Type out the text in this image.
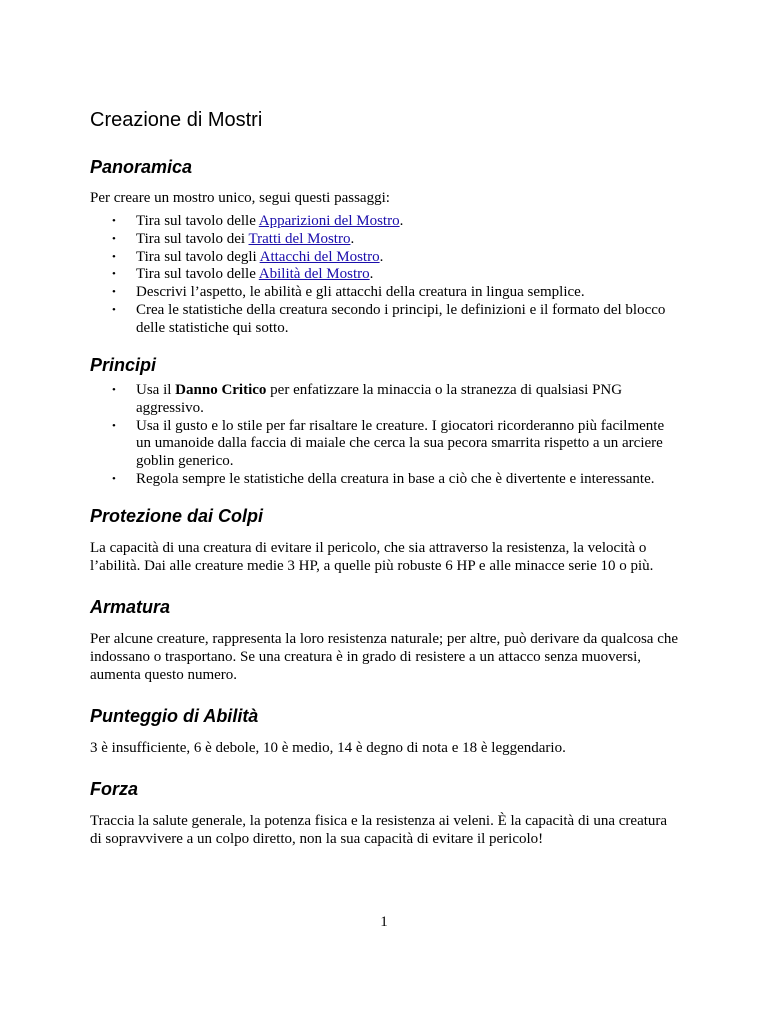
Creazione di Mostri
Panoramica

Per creare un mostro unico, segui questi passaggi:

• Tira sul tavolo delle Apparizioni del Mostro.
• Tira sul tavolo dei Tratti del Mostro.
• Tira sul tavolo degli Attacchi del Mostro.
• Tira sul tavolo delle Abilità del Mostro.
• Descrivi l’aspetto, le abilità e gli attacchi della creatura in lingua semplice.
• Crea le statistiche della creatura secondo i principi, le definizioni e il formato del blocco delle statistiche qui sotto.
Principi
• Usa il Danno Critico per enfatizzare la minaccia o la stranezza di qualsiasi PNG aggressivo.
• Usa il gusto e lo stile per far risaltare le creature. I giocatori ricorderanno più facilmente un umanoide dalla faccia di maiale che cerca la sua pecora smarrita rispetto a un arciere goblin generico.
• Regola sempre le statistiche della creatura in base a ciò che è divertente e interessante.
Protezione dai Colpi

La capacità di una creatura di evitare il pericolo, che sia attraverso la resistenza, la velocità o l’abilità. Dai alle creature medie 3 HP, a quelle più robuste 6 HP e alle minacce serie 10 o più.

Armatura

Per alcune creature, rappresenta la loro resistenza naturale; per altre, può derivare da qualcosa che indossano o trasportano. Se una creatura è in grado di resistere a un attacco senza muoversi, aumenta questo numero.

Punteggio di Abilità

3 è insufficiente, 6 è debole, 10 è medio, 14 è degno di nota e 18 è leggendario.

Forza

Traccia la salute generale, la potenza fisica e la resistenza ai veleni. È la capacità di una creatura di sopravvivere a un colpo diretto, non la sua capacità di evitare il pericolo!

1
